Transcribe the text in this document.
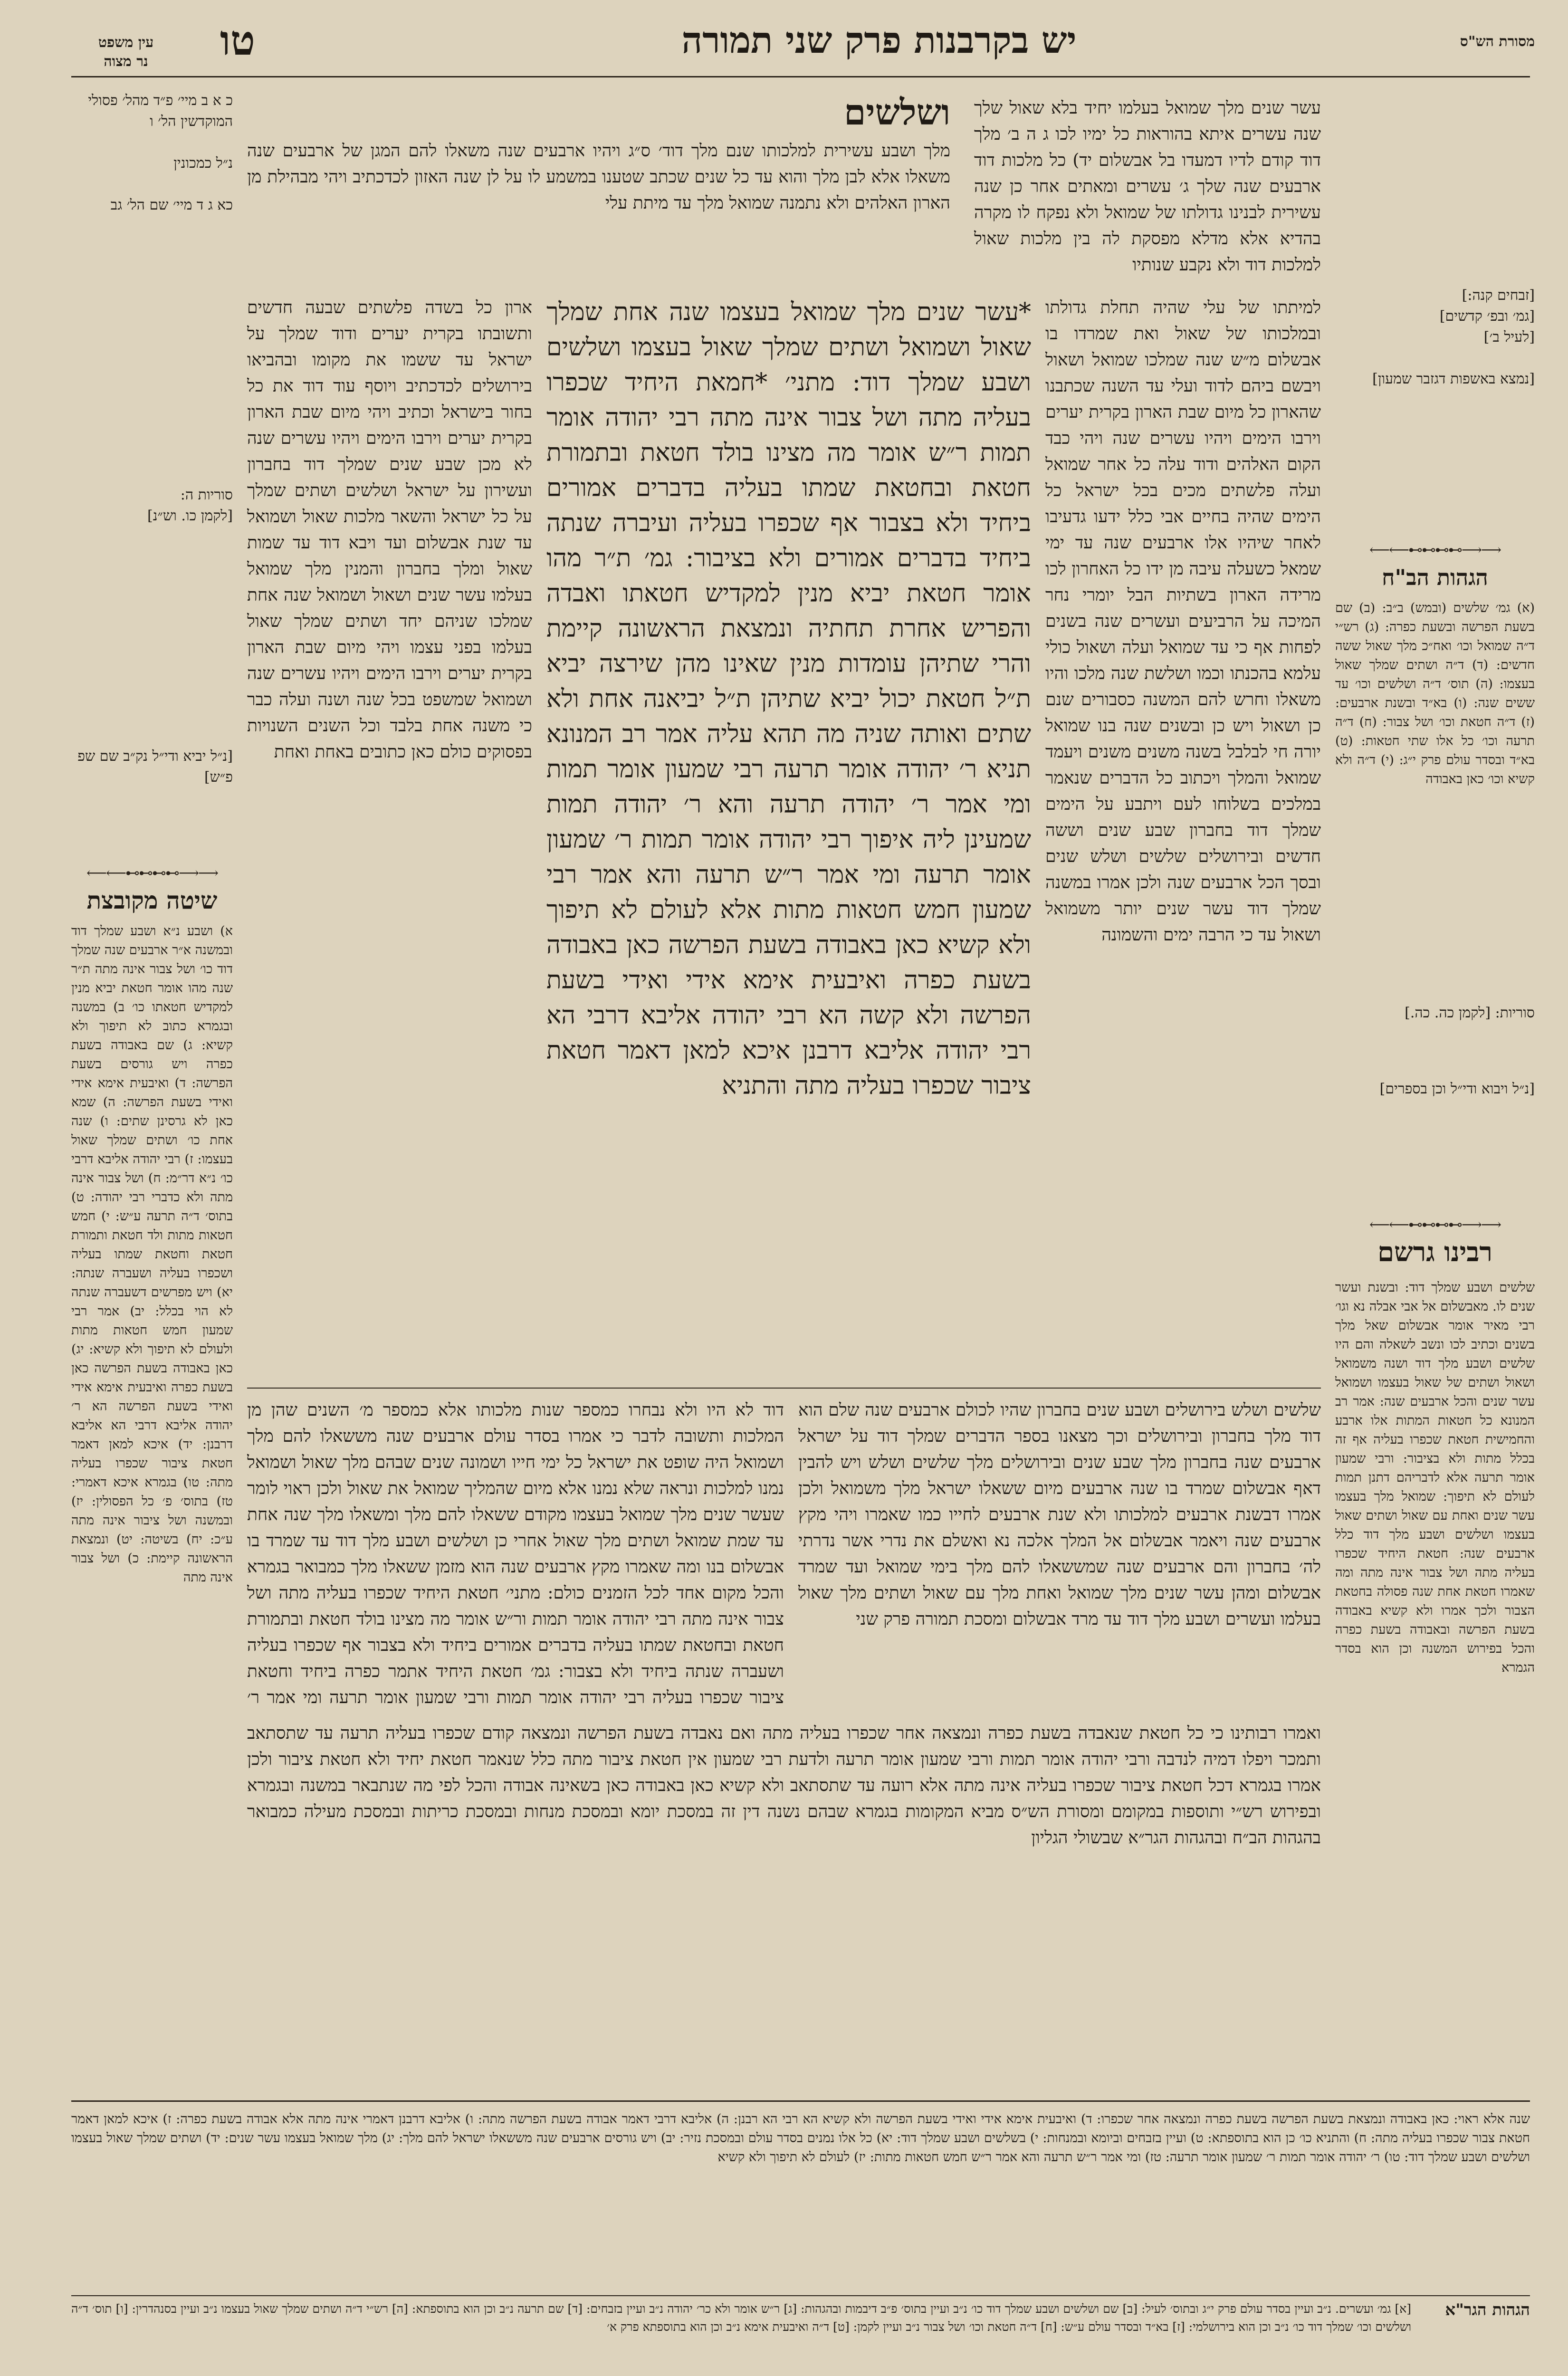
מסורת הש"ס
יש בקרבנות פרק שני תמורה
טו
עין משפט
נר מצוה
כ א ב מיי׳ פ״ד מהל׳ פסולי המוקדשין הל׳ ו

נ״ל כמכונין

כא ג ד מיי׳ שם הל׳ גב
סוריות ה:
[לקמן כו. וש״נ]
[נ״ל יביא ודי״ל נק״ב שם שפ פ״ש]
⟵⟵⊷⊷⊷⊷⟶⟶
שיטה מקובצת
א) ושבע נ״א ושבע שמלך דוד ובמשנה א״ר ארבעים שנה שמלך דוד כו׳ ושל צבור אינה מתה ת״ר שנה מהו אומר חטאת יביא מנין למקדיש חטאתו כו׳ ב) במשנה ובגמרא כתוב לא תיפוך ולא קשיא: ג) שם באבודה בשעת כפרה ויש גורסים בשעת הפרשה: ד) ואיבעית אימא אידי ואידי בשעת הפרשה: ה) שמא כאן לא גרסינן שתים: ו) שנה אחת כו׳ ושתים שמלך שאול בעצמו: ז) רבי יהודה אליבא דרבי כו׳ נ״א דר״מ: ח) ושל צבור אינה מתה ולא כדברי רבי יהודה: ט) בתוס׳ ד״ה תרעה ע״ש: י) חמש חטאות מתות ולד חטאת ותמורת חטאת וחטאת שמתו בעליה ושכפרו בעליה ושעברה שנתה: יא) ויש מפרשים דשעברה שנתה לא הוי בכלל: יב) אמר רבי שמעון חמש חטאות מתות ולעולם לא תיפוך ולא קשיא: יג) כאן באבודה בשעת הפרשה כאן בשעת כפרה ואיבעית אימא אידי ואידי בשעת הפרשה הא ר׳ יהודה אליבא דרבי הא אליבא דרבנן: יד) איכא למאן דאמר חטאת ציבור שכפרו בעליה מתה: טו) בגמרא איכא דאמרי: טז) בתוס׳ פ׳ כל הפסולין: יז) ובמשנה ושל ציבור אינה מתה ע״כ: יח) בשיטה: יט) ונמצאת הראשונה קיימת: כ) ושל צבור אינה מתה
[זבחים קנה:]
[גמ׳ ובפ׳ קדשים]
[לעיל ב׳]

[נמצא באשפות דגזבר שמעון]
⟵⟵⊷⊷⊷⊷⟶⟶
הגהות הב"ח
(א) גמ׳ שלשים (ובמש) ב״ב: (ב) שם בשעת הפרשה ובשעת כפרה: (ג) רש״י ד״ה שמואל וכו׳ ואח״כ מלך שאול ששה חדשים: (ד) ד״ה ושתים שמלך שאול בעצמו: (ה) תוס׳ ד״ה ושלשים וכו׳ עד ששים שנה: (ו) בא״ד ובשנת ארבעים: (ז) ד״ה חטאת וכו׳ ושל צבור: (ח) ד״ה תרעה וכו׳ כל אלו שתי חטאות: (ט) בא״ד ובסדר עולם פרק י״ג: (י) ד״ה ולא קשיא וכו׳ כאן באבודה
סוריות: [לקמן כה. כה.]
[נ״ל ויבוא ודי״ל וכן בספרים]
⟵⟵⊷⊷⊷⊷⟶⟶
רבינו גרשם
שלשים ושבע שמלך דוד: ובשנת ועשר שנים לו. מאבשלום אל אבי אבלה נא וגו׳ רבי מאיר אומר אבשלום שאל מלך בשנים וכתיב לכו ונשב לשאלה והם היו שלשים ושבע מלך דוד ושנה משמואל ושאול ושתים של שאול בעצמו ושמואל עשר שנים והכל ארבעים שנה: אמר רב המנונא כל חטאות המתות אלו ארבע והחמישית חטאת שכפרו בעליה אף זה בכלל מתות ולא בציבור: ורבי שמעון אומר תרעה אלא לדבריהם דתנן תמות לעולם לא תיפוך: שמואל מלך בעצמו עשר שנים ואחת עם שאול ושתים שאול בעצמו ושלשים ושבע מלך דוד כלל ארבעים שנה: חטאת היחיד שכפרו בעליה מתה ושל צבור אינה מתה ומה שאמרו חטאת אחת שנה פסולה בחטאת הצבור ולכך אמרו ולא קשיא באבודה בשעת הפרשה ובאבודה בשעת כפרה והכל בפירוש המשנה וכן הוא בסדר הגמרא
עשר שנים מלך שמואל בעלמו יחיד בלא שאול שלך שנה עשרים איתא בהוראות כל ימיו לכו ג ה ב׳ מלך דוד קודם לדיו דמעדו בל אבשלום יד) כל מלכות דוד ארבעים שנה שלך ג׳ עשרים ומאתים אחר כן שנה עשירית לבנינו גדולתו של שמואל ולא נפקח לו מקרה בהדיא אלא מדלא מפסקת לה בין מלכות שאול למלכות דוד ולא נקבע שנותיו
ושלשים
מלך ושבע עשירית למלכותו שנם מלך דוד׳ ס״ג ויהיו ארבעים שנה משאלו להם המגן של ארבעים שנה משאלו אלא לבן מלך והוא עד כל שנים שכתב שטענו במשמע לו על לן שנה האזון לכדכתיב ויהי מבהילת מן הארון האלהים ולא נתמנה שמואל מלך עד מיתת עלי
*עשר שנים מלך שמואל בעצמו שנה אחת שמלך שאול ושמואל ושתים שמלך שאול בעצמו ושלשים ושבע שמלך דוד: מתני׳ *חמאת היחיד שכפרו בעליה מתה ושל צבור אינה מתה רבי יהודה אומר תמות ר״ש אומר מה מצינו בולד חטאת ובתמורת חטאת ובחטאת שמתו בעליה בדברים אמורים ביחיד ולא בצבור אף שכפרו בעליה ועיברה שנתה ביחיד בדברים אמורים ולא בציבור: גמ׳ ת״ר מהו אומר חטאת יביא מנין למקדיש חטאתו ואבדה והפריש אחרת תחתיה ונמצאת הראשונה קיימת והרי שתיהן עומדות מנין שאינו מהן שירצה יביא ת״ל חטאת יכול יביא שתיהן ת״ל יביאנה אחת ולא שתים ואותה שניה מה תהא עליה אמר רב המנונא תניא ר׳ יהודה אומר תרעה רבי שמעון אומר תמות ומי אמר ר׳ יהודה תרעה והא ר׳ יהודה תמות שמעינן ליה איפוך רבי יהודה אומר תמות ר׳ שמעון אומר תרעה ומי אמר ר״ש תרעה והא אמר רבי שמעון חמש חטאות מתות אלא לעולם לא תיפוך ולא קשיא כאן באבודה בשעת הפרשה כאן באבודה בשעת כפרה ואיבעית אימא אידי ואידי בשעת הפרשה ולא קשה הא רבי יהודה אליבא דרבי הא רבי יהודה אליבא דרבנן איכא למאן דאמר חטאת ציבור שכפרו בעליה מתה והתניא
למיתתו של עלי שהיה תחלת גדולתו ובמלכותו של שאול ואת שמרדו בו אבשלום מ״ש שנה שמלכו שמואל ושאול ויבשם ביהם לדוד ועלי עד השנה שכתבנו שהארון כל מיום שבת הארון בקרית יערים וירבו הימים ויהיו עשרים שנה ויהי כבד הקום האלהים ודוד עלה כל אחר שמואל ועלה פלשתים מכים בכל ישראל כל הימים שהיה בחיים אבי כלל ידעו גדעיבו לאחר שיהיו אלו ארבעים שנה עד ימי שמאל כשעלה עיבה מן ידו כל האחרון לכו מרידה הארון בשתיות הבל יומרי נחר המיכה על הרביעים ועשרים שנה בשנים לפחות אף כי עד שמואל ועלה ושאול כולי עלמא בהכנתו וכמו ושלשת שנה מלכו והיו משאלו וחרש להם המשנה כסבורים שנם כן ושאול ויש כן ובשנים שנה בנו שמואל יורה חי לבלבל בשנה משנים משנים ויעמד שמואל והמלך ויכתוב כל הדברים שנאמר במלכים בשלוחו לעם ויתבע על הימים שמלך דוד בחברון שבע שנים וששה חדשים ובירושלים שלשים ושלש שנים ובסך הכל ארבעים שנה ולכן אמרו במשנה שמלך דוד עשר שנים יותר משמואל ושאול עד כי הרבה ימים והשמונה
ארון כל בשדה פלשתים שבעה חדשים ותשובתו בקרית יערים ודוד שמלך על ישראל עד ששמו את מקומו ובהביאו בירושלים לכדכתיב ויוסף עוד דוד את כל בחור בישראל וכתיב ויהי מיום שבת הארון בקרית יערים וירבו הימים ויהיו עשרים שנה לא מכן שבע שנים שמלך דוד בחברון ועשירון על ישראל ושלשים ושתים שמלך על כל ישראל והשאר מלכות שאול ושמואל עד שנת אבשלום ועד ויבא דוד עד שמות שאול ומלך בחברון והמנין מלך שמואל בעלמו עשר שנים ושאול ושמואל שנה אחת שמלכו שניהם יחד ושתים שמלך שאול בעלמו בפני עצמו ויהי מיום שבת הארון בקרית יערים וירבו הימים ויהיו עשרים שנה ושמואל שמשפט בכל שנה ושנה ועלה כבר כי משנה אחת בלבד וכל השנים השנויות בפסוקים כולם כאן כתובים באחת ואחת
שלשים ושלש בירושלים ושבע שנים בחברון שהיו לכולם ארבעים שנה שלם הוא דוד מלך בחברון ובירושלים וכך מצאנו בספר הדברים שמלך דוד על ישראל ארבעים שנה בחברון מלך שבע שנים ובירושלים מלך שלשים ושלש ויש להבין דאף אבשלום שמרד בו שנה ארבעים מיום ששאלו ישראל מלך משמואל ולכן אמרו דבשנת ארבעים למלכותו ולא שנת ארבעים לחייו כמו שאמרו ויהי מקץ ארבעים שנה ויאמר אבשלום אל המלך אלכה נא ואשלם את נדרי אשר נדרתי לה׳ בחברון והם ארבעים שנה שמששאלו להם מלך בימי שמואל ועד שמרד אבשלום ומהן עשר שנים מלך שמואל ואחת מלך עם שאול ושתים מלך שאול בעלמו ועשרים ושבע מלך דוד עד מרד אבשלום ומסכת תמורה פרק שני
דוד לא היו ולא נבחרו כמספר שנות מלכותו אלא כמספר מ׳ השנים שהן מן המלכות ותשובה לדבר כי אמרו בסדר עולם ארבעים שנה מששאלו להם מלך ושמואל היה שופט את ישראל כל ימי חייו ושמונה שנים שבהם מלך שאול ושמואל נמנו למלכות ונראה שלא נמנו אלא מיום שהמליך שמואל את שאול ולכן ראוי לומר שעשר שנים מלך שמואל בעצמו מקודם ששאלו להם מלך ומשאלו מלך שנה אחת עד שמת שמואל ושתים מלך שאול אחרי כן ושלשים ושבע מלך דוד עד שמרד בו אבשלום בנו ומה שאמרו מקץ ארבעים שנה הוא מזמן ששאלו מלך כמבואר בגמרא והכל מקום אחד לכל הזמנים כולם: מתני׳ חטאת היחיד שכפרו בעליה מתה ושל צבור אינה מתה רבי יהודה אומר תמות ור״ש אומר מה מצינו בולד חטאת ובתמורת חטאת ובחטאת שמתו בעליה בדברים אמורים ביחיד ולא בצבור אף שכפרו בעליה ושעברה שנתה ביחיד ולא בצבור: גמ׳ חטאת היחיד אתמר כפרה ביחיד וחטאת ציבור שכפרו בעליה רבי יהודה אומר תמות ורבי שמעון אומר תרעה ומי אמר ר׳
ואמרו רבותינו כי כל חטאת שנאבדה בשעת כפרה ונמצאה אחר שכפרו בעליה מתה ואם נאבדה בשעת הפרשה ונמצאה קודם שכפרו בעליה תרעה עד שתסתאב ותמכר ויפלו דמיה לנדבה ורבי יהודה אומר תמות ורבי שמעון אומר תרעה ולדעת רבי שמעון אין חטאת ציבור מתה כלל שנאמר חטאת יחיד ולא חטאת ציבור ולכן אמרו בגמרא דכל חטאת ציבור שכפרו בעליה אינה מתה אלא רועה עד שתסתאב ולא קשיא כאן באבודה כאן בשאינה אבודה והכל לפי מה שנתבאר במשנה ובגמרא ובפירוש רש״י ותוספות במקומם ומסורת הש״ס מביא המקומות בגמרא שבהם נשנה דין זה במסכת יומא ובמסכת מנחות ובמסכת כריתות ובמסכת מעילה כמבואר בהגהות הב״ח ובהגהות הגר״א שבשולי הגליון
שנה אלא ראוי: כאן באבודה ונמצאת בשעת הפרשה בשעת כפרה ונמצאה אחר שכפרו: ד) ואיבעית אימא אידי ואידי בשעת הפרשה ולא קשיא הא רבי הא רבנן: ה) אליבא דרבי דאמר אבודה בשעת הפרשה מתה: ו) אליבא דרבנן דאמרי אינה מתה אלא אבודה בשעת כפרה: ז) איכא למאן דאמר חטאת צבור שכפרו בעליה מתה: ח) והתניא כו׳ כן הוא בתוספתא: ט) ועיין בזבחים וביומא ובמנחות: י) בשלשים ושבע שמלך דוד: יא) כל אלו נמנים בסדר עולם ובמסכת נזיר: יב) ויש גורסים ארבעים שנה מששאלו ישראל להם מלך: יג) מלך שמואל בעצמו עשר שנים: יד) ושתים שמלך שאול בעצמו ושלשים ושבע שמלך דוד: טו) ר׳ יהודה אומר תמות ר׳ שמעון אומר תרעה: טז) ומי אמר ר״ש תרעה והא אמר ר״ש חמש חטאות מתות: יז) לעולם לא תיפוך ולא קשיא
הגהות הגר"א
[א] גמ׳ ועשרים. נ״ב ועיין בסדר עולם פרק י״ג ובתוס׳ לעיל: [ב] שם ושלשים ושבע שמלך דוד כו׳ נ״ב ועיין בתוס׳ פ״ב דיבמות ובהגהות: [ג] ר״ש אומר ולא כר׳ יהודה נ״ב ועיין בזבחים: [ד] שם תרעה נ״ב וכן הוא בתוספתא: [ה] רש״י ד״ה ושתים שמלך שאול בעצמו נ״ב ועיין בסנהדרין: [ו] תוס׳ ד״ה ושלשים וכו׳ שמלך דוד כו׳ נ״ב וכן הוא בירושלמי: [ז] בא״ד ובסדר עולם ע״ש: [ח] ד״ה חטאת וכו׳ ושל צבור נ״ב ועיין לקמן: [ט] ד״ה ואיבעית אימא נ״ב וכן הוא בתוספתא פרק א׳
